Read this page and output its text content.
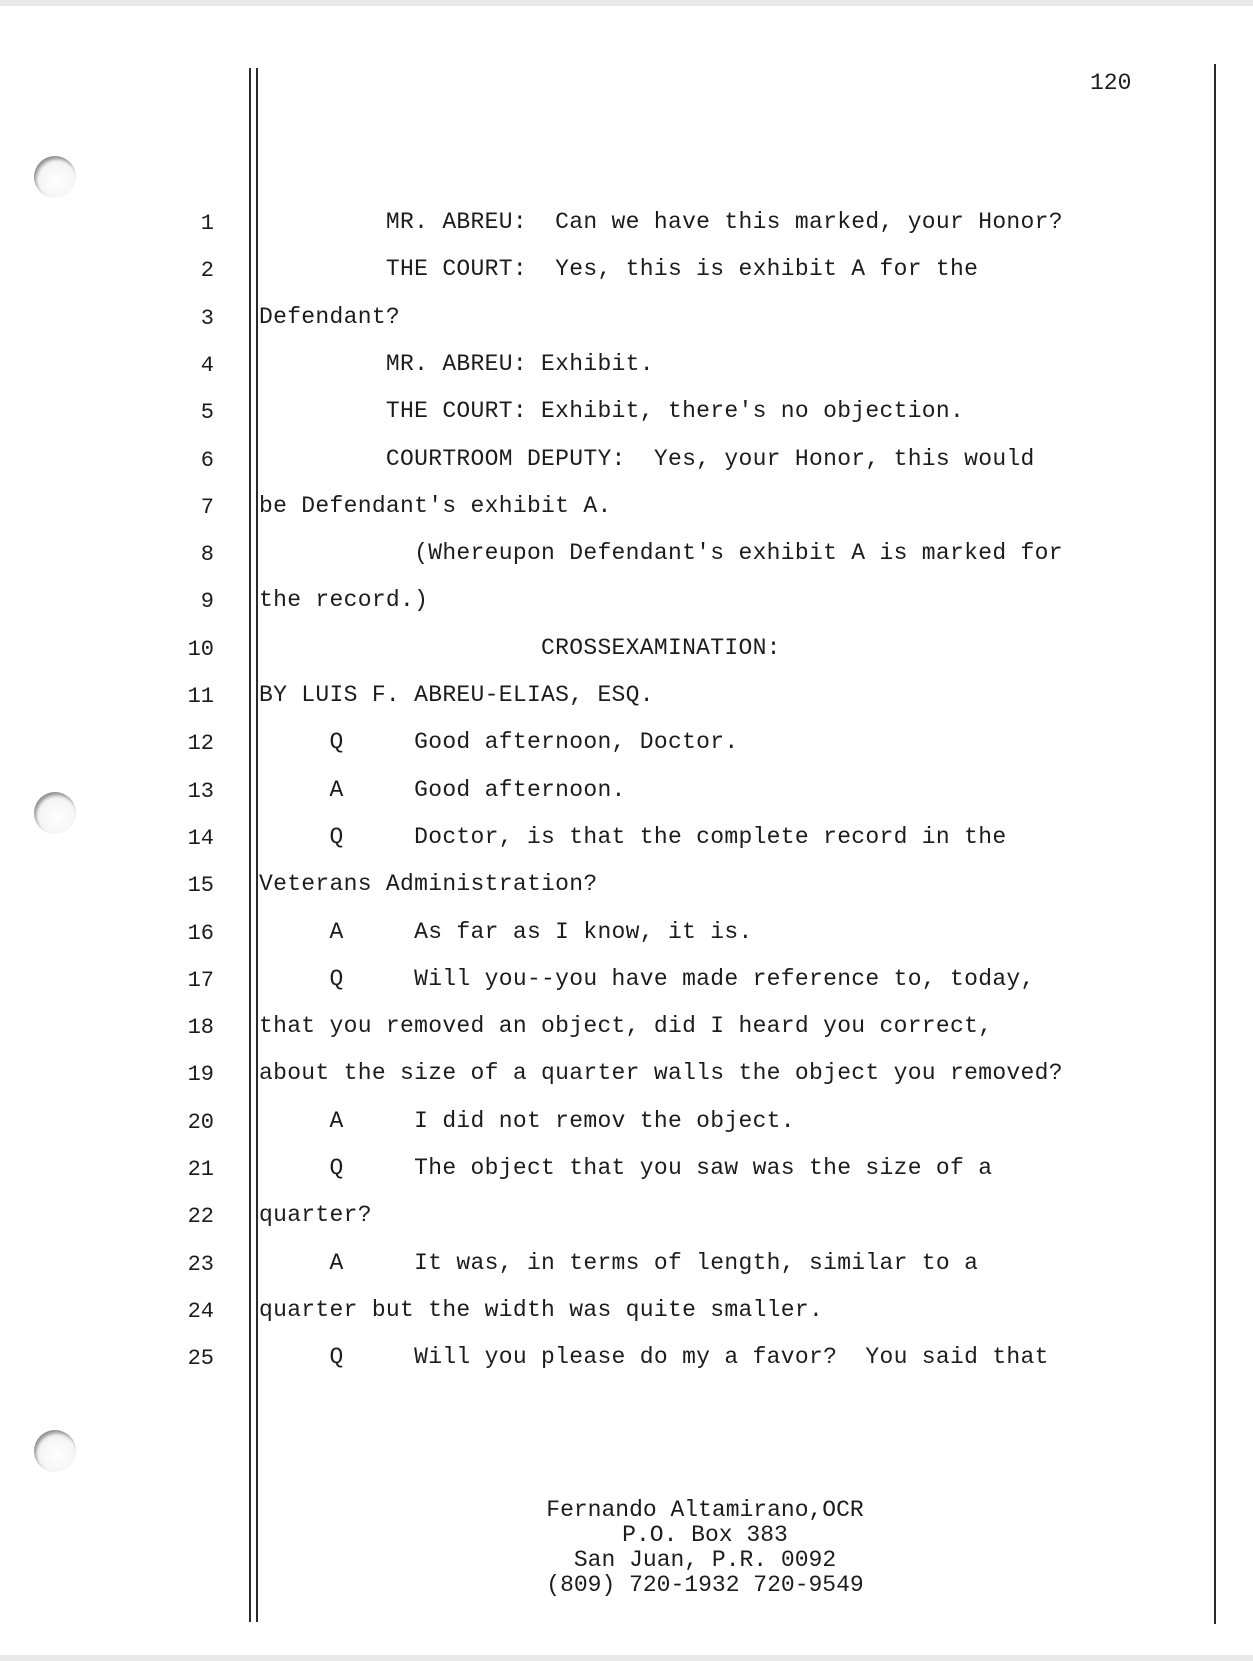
120
1 MR. ABREU:  Can we have this marked, your Honor?
2 THE COURT:  Yes, this is exhibit A for the
3 Defendant?
4 MR. ABREU: Exhibit.
5 THE COURT: Exhibit, there's no objection.
6 COURTROOM DEPUTY:  Yes, your Honor, this would
7 be Defendant's exhibit A.
8 (Whereupon Defendant's exhibit A is marked for
9 the record.)
10 CROSSEXAMINATION:
11 BY LUIS F. ABREU-ELIAS, ESQ.
12 Q     Good afternoon, Doctor.
13 A     Good afternoon.
14 Q     Doctor, is that the complete record in the
15 Veterans Administration?
16 A     As far as I know, it is.
17 Q     Will you--you have made reference to, today,
18 that you removed an object, did I heard you correct,
19 about the size of a quarter walls the object you removed?
20 A     I did not remov the object.
21 Q     The object that you saw was the size of a
22 quarter?
23 A     It was, in terms of length, similar to a
24 quarter but the width was quite smaller.
25 Q     Will you please do my a favor?  You said that
Fernando Altamirano,OCR
P.O. Box 383
San Juan, P.R. 0092
(809) 720-1932 720-9549
